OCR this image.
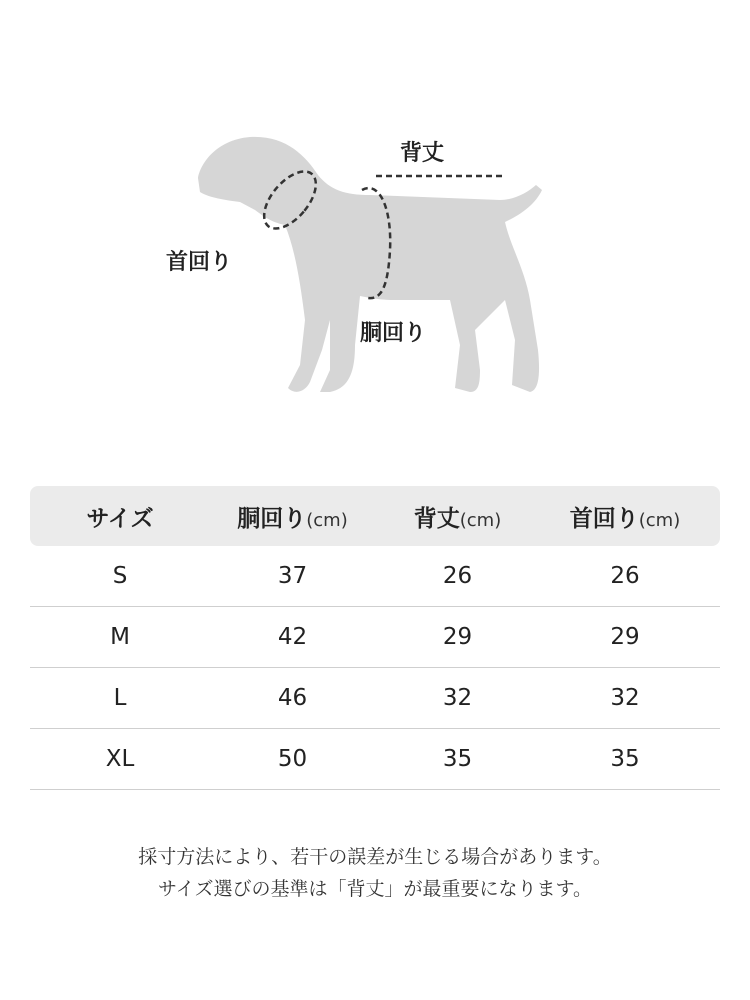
背丈
首回り
胴回り
サイズ	胴回り(cm)	背丈(cm)	首回り(cm)
S	37	26	26
M	42	29	29
L	46	32	32
XL	50	35	35
採寸方法により、若干の誤差が生じる場合があります。
サイズ選びの基準は「背丈」が最重要になります。
